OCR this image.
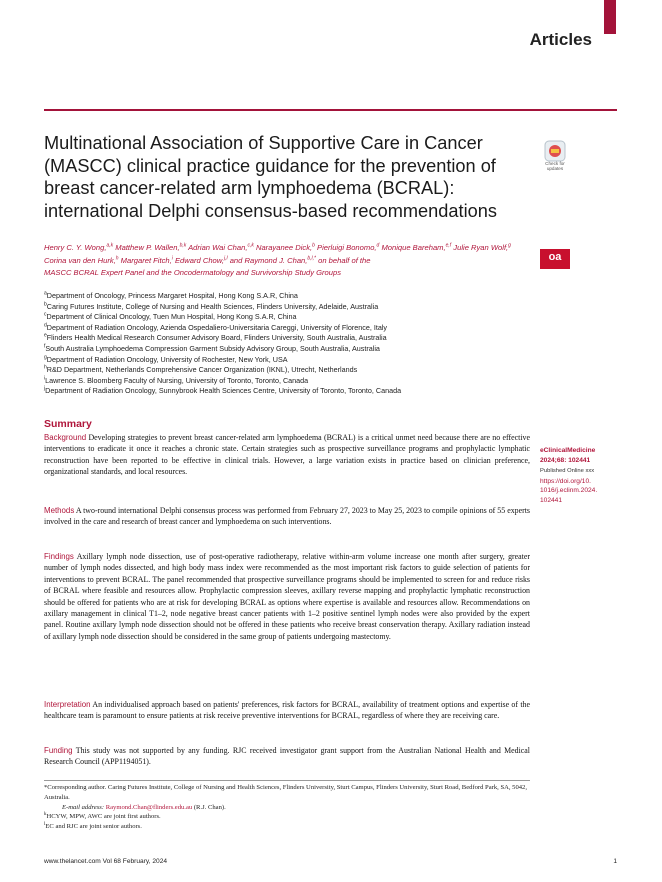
Articles
Multinational Association of Supportive Care in Cancer (MASCC) clinical practice guidance for the prevention of breast cancer-related arm lymphoedema (BCRAL): international Delphi consensus-based recommendations
Check for updates
oa
Henry C. Y. Wong,$^{a,k}$ Matthew P. Wallen,$^{b,k}$ Adrian Wai Chan,$^{c,k}$ Narayanee Dick,$^b$ Pierluigi Bonomo,$^d$ Monique Bareham,$^{e,f}$ Julie Ryan Wolf,$^g$
Corina van den Hurk,$^h$ Margaret Fitch,$^i$ Edward Chow,$^{j,l}$ and Raymond J. Chan,$^{b,l,*}$ on behalf of the
MASCC BCRAL Expert Panel and the Oncodermatology and Survivorship Study Groups
$^a$Department of Oncology, Princess Margaret Hospital, Hong Kong S.A.R, China
$^b$Caring Futures Institute, College of Nursing and Health Sciences, Flinders University, Adelaide, Australia
$^c$Department of Clinical Oncology, Tuen Mun Hospital, Hong Kong S.A.R, China
$^d$Department of Radiation Oncology, Azienda Ospedaliero-Universitaria Careggi, University of Florence, Italy
$^e$Flinders Health Medical Research Consumer Advisory Board, Flinders University, South Australia, Australia
$^f$South Australia Lymphoedema Compression Garment Subsidy Advisory Group, South Australia, Australia
$^g$Department of Radiation Oncology, University of Rochester, New York, USA
$^h$R&D Department, Netherlands Comprehensive Cancer Organization (IKNL), Utrecht, Netherlands
$^i$Lawrence S. Bloomberg Faculty of Nursing, University of Toronto, Toronto, Canada
$^j$Department of Radiation Oncology, Sunnybrook Health Sciences Centre, University of Toronto, Toronto, Canada
Summary
Background Developing strategies to prevent breast cancer-related arm lymphoedema (BCRAL) is a critical unmet need because there are no effective interventions to eradicate it once it reaches a chronic state. Certain strategies such as prospective surveillance programs and prophylactic lymphatic reconstruction have been reported to be effective in clinical trials. However, a large variation exists in practice based on clinician preference, organizational standards, and local resources.
Methods A two-round international Delphi consensus process was performed from February 27, 2023 to May 25, 2023 to compile opinions of 55 experts involved in the care and research of breast cancer and lymphoedema on such interventions.
Findings Axillary lymph node dissection, use of post-operative radiotherapy, relative within-arm volume increase one month after surgery, greater number of lymph nodes dissected, and high body mass index were recommended as the most important risk factors to guide selection of patients for interventions to prevent BCRAL. The panel recommended that prospective surveillance programs should be implemented to screen for and reduce risks of BCRAL where feasible and resources allow. Prophylactic compression sleeves, axillary reverse mapping and prophylactic lymphatic reconstruction should be offered for patients who are at risk for developing BCRAL as options where expertise is available and resources allow. Recommendations on axillary management in clinical T1–2, node negative breast cancer patients with 1–2 positive sentinel lymph nodes were also provided by the expert panel. Routine axillary lymph node dissection should not be offered in these patients who receive breast conservation therapy. Axillary radiation instead of axillary lymph node dissection should be considered in the same group of patients undergoing mastectomy.
Interpretation An individualised approach based on patients' preferences, risk factors for BCRAL, availability of treatment options and expertise of the healthcare team is paramount to ensure patients at risk receive preventive interventions for BCRAL, regardless of where they are receiving care.
Funding This study was not supported by any funding. RJC received investigator grant support from the Australian National Health and Medical Research Council (APP1194051).
eClinicalMedicine
2024;68: 102441
Published Online xxx
https://doi.org/10.
1016/j.eclinm.2024.
102441
*Corresponding author. Caring Futures Institute, College of Nursing and Health Sciences, Flinders University, Sturt Campus, Flinders University, Sturt Road, Bedford Park, SA, 5042, Australia.
E-mail address: Raymond.Chan@flinders.edu.au (R.J. Chan).
$^k$HCYW, MPW, AWC are joint first authors.
$^l$EC and RJC are joint senior authors.
www.thelancet.com Vol 68 February, 2024	1
